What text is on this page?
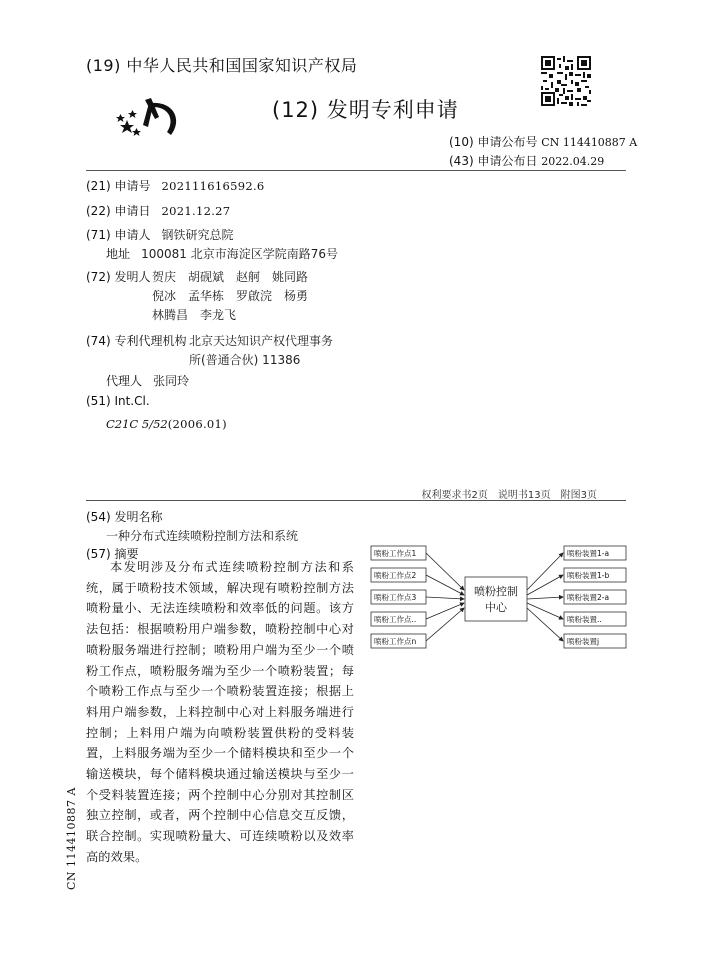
(19) 中华人民共和国国家知识产权局
(12) 发明专利申请
(10) 申请公布号 CN 114410887 A
(43) 申请公布日 2022.04.29
(21) 申请号 202111616592.6
(22) 申请日 2021.12.27
(71) 申请人 钢铁研究总院
地址 100081 北京市海淀区学院南路76号
(72) 发明人 贺庆　胡砚斌　赵舸　姚同路
倪冰　孟华栋　罗啟浣　杨勇
林腾昌　李龙飞
(74) 专利代理机构 北京天达知识产权代理事务
所(普通合伙) 11386
代理人 张同玲
(51) Int.Cl.
C21C 5/52(2006.01)
权利要求书2页　说明书13页　附图3页
(54) 发明名称
一种分布式连续喷粉控制方法和系统
(57) 摘要
本发明涉及分布式连续喷粉控制方法和系统，属于喷粉技术领域，解决现有喷粉控制方法喷粉量小、无法连续喷粉和效率低的问题。该方法包括：根据喷粉用户端参数，喷粉控制中心对喷粉服务端进行控制；喷粉用户端为至少一个喷粉工作点，喷粉服务端为至少一个喷粉装置；每个喷粉工作点与至少一个喷粉装置连接；根据上料用户端参数，上料控制中心对上料服务端进行控制；上料用户端为向喷粉装置供粉的受料装置，上料服务端为至少一个储料模块和至少一个输送模块，每个储料模块通过输送模块与至少一个受料装置连接；两个控制中心分别对其控制区独立控制，或者，两个控制中心信息交互反馈，联合控制。实现喷粉量大、可连续喷粉以及效率高的效果。
喷粉工作点1
喷粉工作点2
喷粉工作点3
喷粉工作点..
喷粉工作点n
喷粉装置1-a
喷粉装置1-b
喷粉装置2-a
喷粉装置..
喷粉装置j
喷粉控制
中心
CN 114410887 A
